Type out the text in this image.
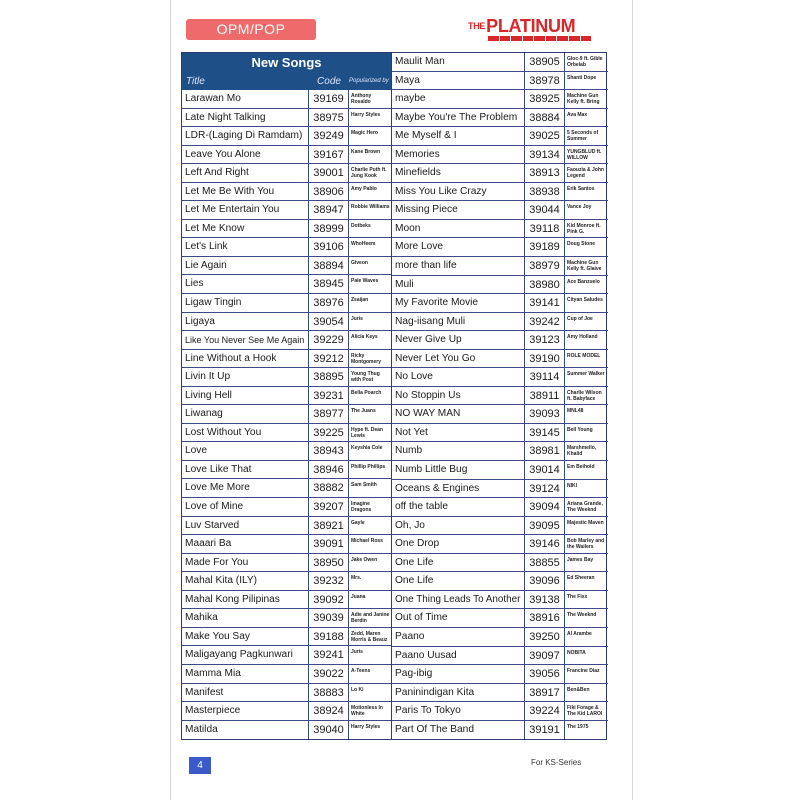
OPM/POP	$^{THE}$PLATINUM
New Songs
Title	Code	Popularized by
Larawan Mo	39169	Anthony Rosaldo
Late Night Talking	38975	Harry Styles
LDR-(Laging Di Ramdam) 39249	Magic Hero
Leave You Alone	39167	Kane Brown
Left And Right	39001	Charlie Puth ft. Jung Kook
Let Me Be With You	38906	Amy Pablo
Let Me Entertain You	38947	Robbie Williams
Let Me Know	38999	Dotbeks
Let's Link	39106	WhoHeem
Lie Again	38894	Giveon
Lies	38945	Pale Waves
Ligaw Tingin	38976	Zsaijan
Ligaya	39054	Juris
Like You Never See Me Again 39229	Alicia Keys
Line Without a Hook	39212	Ricky Montgomery
Livin It Up	38895	Young Thug with Post
Living Hell	39231	Bella Poarch
Liwanag	38977	The Juans
Lost Without You	39225	Hype ft. Dean Lewis
Love	38943	Keyshia Cole
Love Like That	38946	Phillip Phillips
Love Me More	38882	Sam Smith
Love of Mine	39207	Imagine Dragons
Luv Starved	38921	Gayle
Maaari Ba	39091	Michael Ross
Made For You	38950	Jake Owen
Mahal Kita (ILY)	39232	Mrs.
Mahal Kong Pilipinas	39092	Juana
Mahika	39039	Adie and Janine Berdin
Make You Say	39188	Zedd, Maren Morris & Beauz
Maligayang Pagkunwari	39241	Juris
Mamma Mia	39022	A-Teens
Manifest	38883	Lo Ki
Masterpiece	38924	Motionless In White
Matilda	39040	Harry Styles
Maulit Man	38905	Gloc-9 ft. Gible Orbelab
Maya	38978	Shanti Dope
maybe	38925	Machine Gun Kelly ft. Bring
Maybe You're The Problem	38884	Ava Max
Me Myself & I	39025	5 Seconds of Summer
Memories	39134	YUNGBLUD ft. WILLOW
Minefields	38913	Faouzia & John Legend
Miss You Like Crazy	38938	Erik Santos
Missing Piece	39044	Vance Joy
Moon	39118	Kid Monroe ft. Pink G.
More Love	39189	Doug Stone
more than life	38979	Machine Gun Kelly ft. Glaive
Muli	38980	Ace Banzuelo
My Favorite Movie	39141	Cityan Saludes
Nag-iisang Muli	39242	Cup of Joe
Never Give Up	39123	Amy Holland
Never Let You Go	39190	ROLE MODEL
No Love	39114	Summer Walker
No Stoppin Us	38911	Charlie Wilson ft. Babyface
NO WAY MAN	39093	MNL48
Not Yet	39145	Bell Young
Numb	38981	Marshmello, Khalid
Numb Little Bug	39014	Em Beihold
Oceans & Engines	39124	NIKI
off the table	39094	Ariana Grande, The Weeknd
Oh, Jo	39095	Majestic Maven
One Drop	39146	Bob Marley and the Wailers
One Life	38855	James Bay
One Life	39096	Ed Sheeran
One Thing Leads To Another 39138	The Fixx
Out of Time	38916	The Weeknd
Paano	39250	Al Arambe
Paano Uusad	39097	NOBITA
Pag-ibig	39056	Francine Diaz
Paninindigan Kita	38917	Ben&Ben
Paris To Tokyo	39224	Fiki Forage & The Kid LAROI
Part Of The Band	39191	The 1975
4	For KS-Series
